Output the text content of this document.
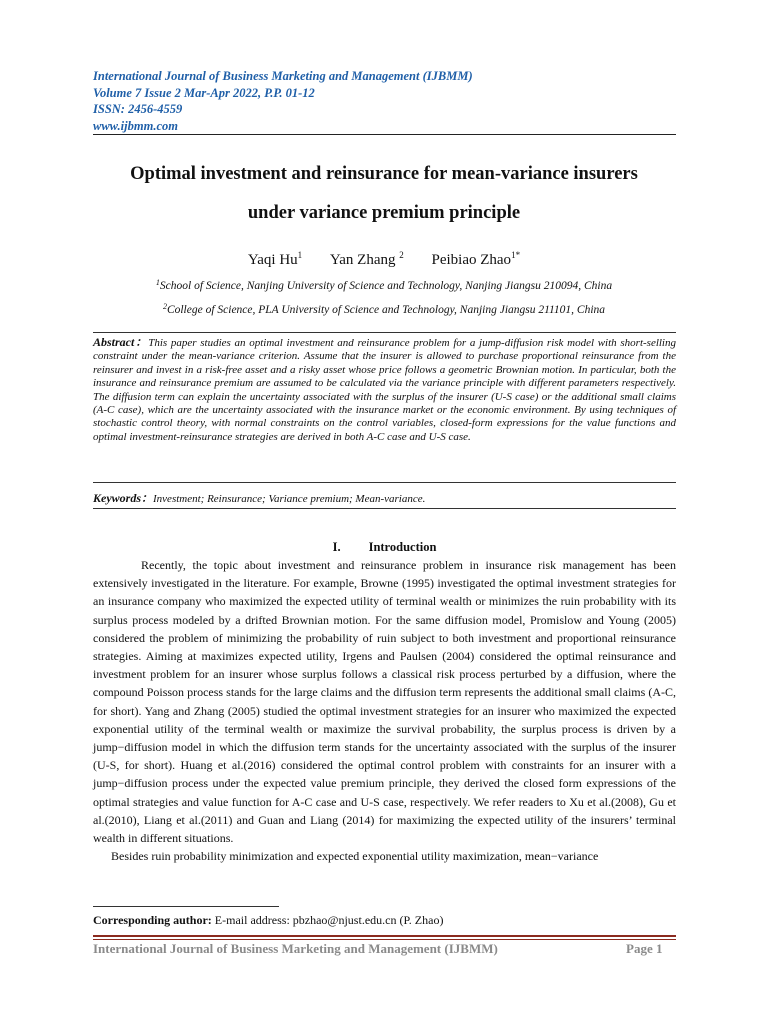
International Journal of Business Marketing and Management (IJBMM)
Volume 7 Issue 2 Mar-Apr 2022, P.P. 01-12
ISSN: 2456-4559
www.ijbmm.com
Optimal investment and reinsurance for mean-variance insurers
under variance premium principle
Yaqi Hu$^1$ Yan Zhang $^2$ Peibiao Zhao$^{1*}$
$^1$School of Science, Nanjing University of Science and Technology, Nanjing Jiangsu 210094, China
$^2$College of Science, PLA University of Science and Technology, Nanjing Jiangsu 211101, China
Abstract：This paper studies an optimal investment and reinsurance problem for a jump-diffusion risk model with short-selling constraint under the mean-variance criterion. Assume that the insurer is allowed to purchase proportional reinsurance from the reinsurer and invest in a risk-free asset and a risky asset whose price follows a geometric Brownian motion. In particular, both the insurance and reinsurance premium are assumed to be calculated via the variance principle with different parameters respectively. The diffusion term can explain the uncertainty associated with the surplus of the insurer (U-S case) or the additional small claims (A-C case), which are the uncertainty associated with the insurance market or the economic environment. By using techniques of stochastic control theory, with normal constraints on the control variables, closed-form expressions for the value functions and optimal investment-reinsurance strategies are derived in both A-C case and U-S case.
Keywords：Investment; Reinsurance; Variance premium; Mean-variance.
I. Introduction

Recently, the topic about investment and reinsurance problem in insurance risk management has been extensively investigated in the literature. For example, Browne (1995) investigated the optimal investment strategies for an insurance company who maximized the expected utility of terminal wealth or minimizes the ruin probability with its surplus process modeled by a drifted Brownian motion. For the same diffusion model, Promislow and Young (2005) considered the problem of minimizing the probability of ruin subject to both investment and proportional reinsurance strategies. Aiming at maximizes expected utility, Irgens and Paulsen (2004) considered the optimal reinsurance and investment problem for an insurer whose surplus follows a classical risk process perturbed by a diffusion, where the compound Poisson process stands for the large claims and the diffusion term represents the additional small claims (A-C, for short). Yang and Zhang (2005) studied the optimal investment strategies for an insurer who maximized the expected exponential utility of the terminal wealth or maximize the survival probability, the surplus process is driven by a jump−diffusion model in which the diffusion term stands for the uncertainty associated with the surplus of the insurer (U-S, for short). Huang et al.(2016) considered the optimal control problem with constraints for an insurer with a jump−diffusion process under the expected value premium principle, they derived the closed form expressions of the optimal strategies and value function for A-C case and U-S case, respectively. We refer readers to Xu et al.(2008), Gu et al.(2010), Liang et al.(2011) and Guan and Liang (2014) for maximizing the expected utility of the insurers’ terminal wealth in different situations.

Besides ruin probability minimization and expected exponential utility maximization, mean−variance

Corresponding author: E-mail address: pbzhao@njust.edu.cn (P. Zhao)
International Journal of Business Marketing and Management (IJBMM)	Page 1
